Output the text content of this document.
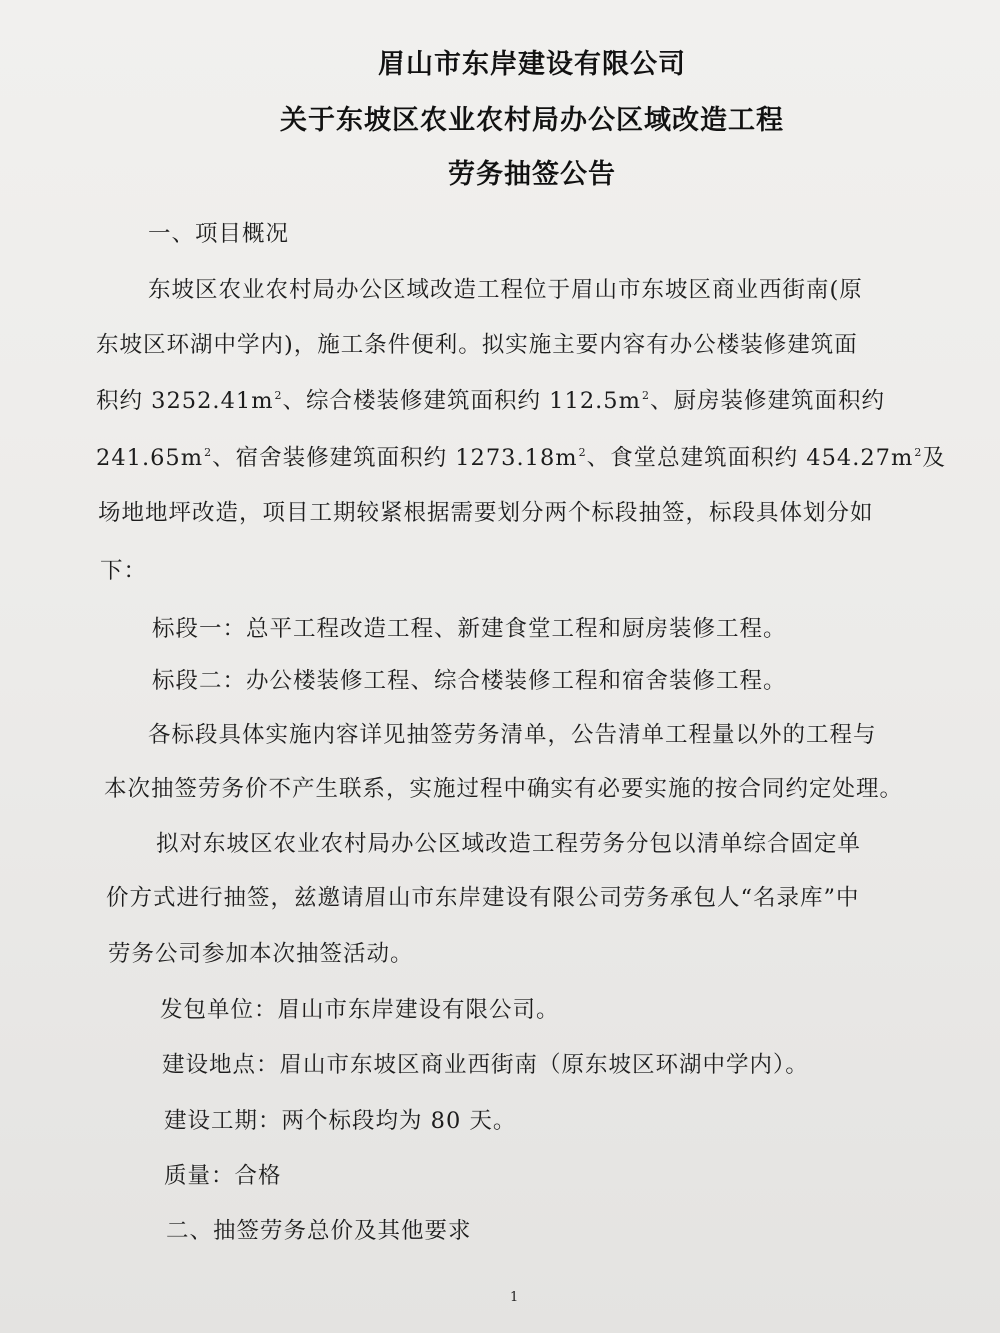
眉山市东岸建设有限公司
关于东坡区农业农村局办公区域改造工程
劳务抽签公告
一、项目概况
东坡区农业农村局办公区域改造工程位于眉山市东坡区商业西街南(原
东坡区环湖中学内)，施工条件便利。拟实施主要内容有办公楼装修建筑面
积约 $3252.41m^2$、综合楼装修建筑面积约 $112.5m^2$、厨房装修建筑面积约
$241.65m^2$、宿舍装修建筑面积约 $1273.18m^2$、食堂总建筑面积约 $454.27m^2$及
场地地坪改造，项目工期较紧根据需要划分两个标段抽签，标段具体划分如
下：
标段一：总平工程改造工程、新建食堂工程和厨房装修工程。
标段二：办公楼装修工程、综合楼装修工程和宿舍装修工程。
各标段具体实施内容详见抽签劳务清单，公告清单工程量以外的工程与
本次抽签劳务价不产生联系，实施过程中确实有必要实施的按合同约定处理。
拟对东坡区农业农村局办公区域改造工程劳务分包以清单综合固定单
价方式进行抽签，兹邀请眉山市东岸建设有限公司劳务承包人“名录库”中
劳务公司参加本次抽签活动。
发包单位：眉山市东岸建设有限公司。
建设地点：眉山市东坡区商业西街南（原东坡区环湖中学内）。
建设工期：两个标段均为 80 天。
质量：合格
二、抽签劳务总价及其他要求
1
